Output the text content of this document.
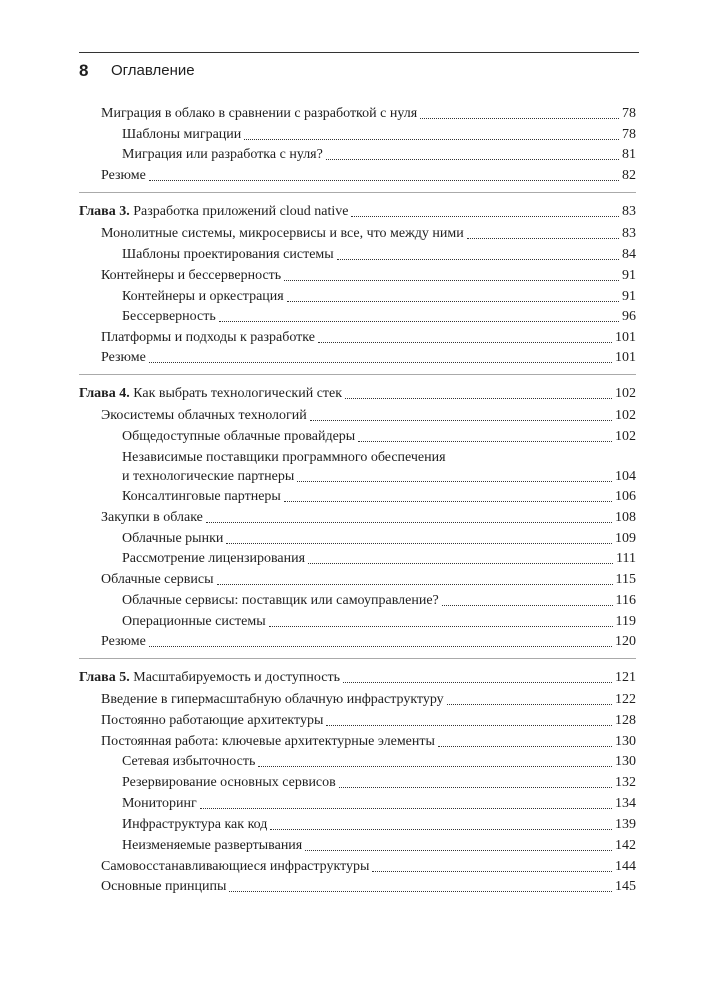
8 Оглавление
Миграция в облако в сравнении с разработкой с нуля	78
Шаблоны миграции	78
Миграция или разработка с нуля?	81
Резюме	82
Глава 3. Разработка приложений cloud native	83
Монолитные системы, микросервисы и все, что между ними	83
Шаблоны проектирования системы	84
Контейнеры и бессерверность	91
Контейнеры и оркестрация	91
Бессерверность	96
Платформы и подходы к разработке	101
Резюме	101
Глава 4. Как выбрать технологический стек	102
Экосистемы облачных технологий	102
Общедоступные облачные провайдеры	102
Независимые поставщики программного обеспечения
и технологические партнеры	104
Консалтинговые партнеры	106
Закупки в облаке	108
Облачные рынки	109
Рассмотрение лицензирования	111
Облачные сервисы	115
Облачные сервисы: поставщик или самоуправление?	116
Операционные системы	119
Резюме	120
Глава 5. Масштабируемость и доступность	121
Введение в гипермасштабную облачную инфраструктуру	122
Постоянно работающие архитектуры	128
Постоянная работа: ключевые архитектурные элементы	130
Сетевая избыточность	130
Резервирование основных сервисов	132
Мониторинг	134
Инфраструктура как код	139
Неизменяемые развертывания	142
Самовосстанавливающиеся инфраструктуры	144
Основные принципы	145
